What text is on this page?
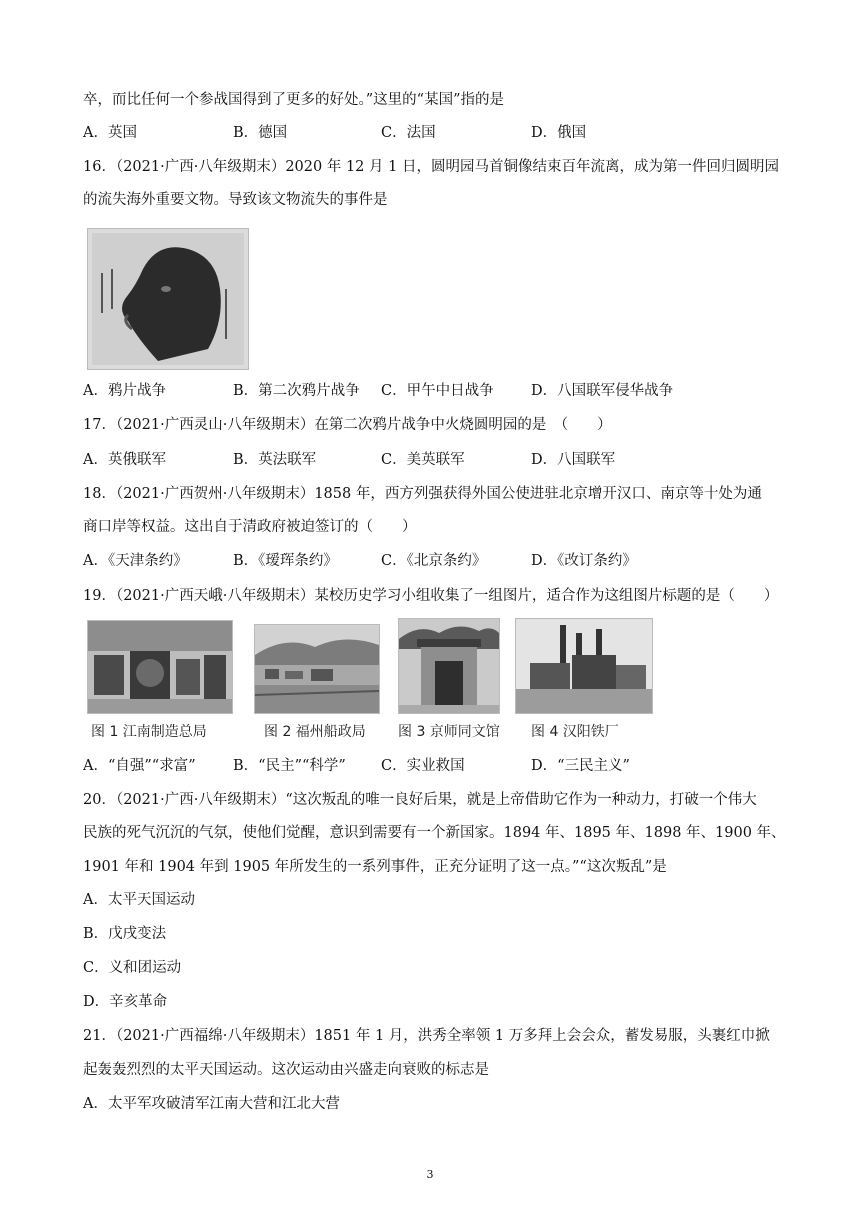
卒，而比任何一个参战国得到了更多的好处。”这里的“某国”指的是
A．英国	B．德国	C．法国	D．俄国
16．（2021·广西·八年级期末）2020 年 12 月 1 日，圆明园马首铜像结束百年流离，成为第一件回归圆明园
的流失海外重要文物。导致该文物流失的事件是
A．鸦片战争	B．第二次鸦片战争 C．甲午中日战争	D．八国联军侵华战争
17．（2021·广西灵山·八年级期末）在第二次鸦片战争中火烧圆明园的是　（　　）
A．英俄联军	B．英法联军	C．美英联军	D．八国联军
18．（2021·广西贺州·八年级期末）1858 年，西方列强获得外国公使进驻北京增开汉口、南京等十处为通
商口岸等权益。这出自于清政府被迫签订的（　　）
A．《天津条约》	B．《瑷珲条约》	C．《北京条约》	D．《改订条约》
19．（2021·广西天峨·八年级期末）某校历史学习小组收集了一组图片，适合作为这组图片标题的是（　　）
图 1 江南制造总局	图 2 福州船政局 图 3 京师同文馆 图 4 汉阳铁厂
A．“自强”“求富”	B．“民主”“科学” C．实业救国	D．“三民主义”
20．（2021·广西·八年级期末）“这次叛乱的唯一良好后果，就是上帝借助它作为一种动力，打破一个伟大
民族的死气沉沉的气氛，使他们觉醒，意识到需要有一个新国家。1894 年、1895 年、1898 年、1900 年、
1901 年和 1904 年到 1905 年所发生的一系列事件，正充分证明了这一点。”“这次叛乱”是
A．太平天国运动
B．戊戌变法
C．义和团运动
D．辛亥革命
21．（2021·广西福绵·八年级期末）1851 年 1 月，洪秀全率领 1 万多拜上会会众，蓄发易服，头裹红巾掀
起轰轰烈烈的太平天国运动。这次运动由兴盛走向衰败的标志是
A．太平军攻破清军江南大营和江北大营
3
